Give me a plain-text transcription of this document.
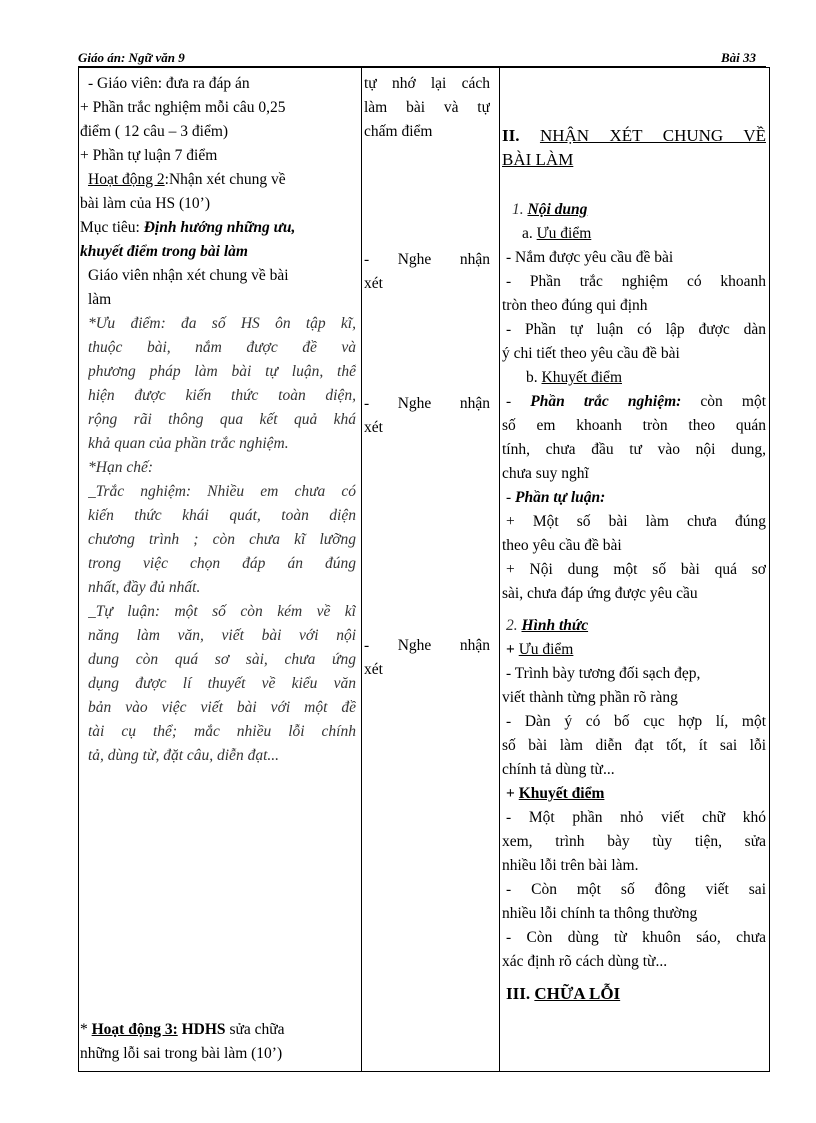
Giáo án: Ngữ văn 9	Bài 33
- Giáo viên: đưa ra đáp án
+ Phần trắc nghiệm mỗi câu 0,25
điểm ( 12 câu – 3 điểm)
+ Phần tự luận 7 điểm
Hoạt động 2:Nhận xét chung về
bài làm của HS (10’)
Mục tiêu: Định hướng những ưu,
khuyết điểm trong bài làm
Giáo viên nhận xét chung về bài
làm
*Ưu điểm: đa số HS ôn tập kĩ,
thuộc bài, nắm được đề và
phương pháp làm bài tự luận, thể
hiện được kiến thức toàn diện,
rộng rãi thông qua kết quả khá
khả quan của phần trắc nghiệm.
*Hạn chế:
_Trắc nghiệm: Nhiều em chưa có
kiến thức khái quát, toàn diện
chương trình ; còn chưa kĩ lưỡng
trong việc chọn đáp án đúng
nhất, đầy đủ nhất.
_Tự luận: một số còn kém về kĩ
năng làm văn, viết bài với nội
dung còn quá sơ sài, chưa ứng
dụng được lí thuyết về kiểu văn
bản vào việc viết bài với một đề
tài cụ thể; mắc nhiều lỗi chính
tả, dùng từ, đặt câu, diễn đạt...
* Hoạt động 3: HDHS sửa chữa
những lỗi sai trong bài làm (10’)
tự nhớ lại cách
làm bài và tự
chấm điểm
- Nghe nhận
xét
- Nghe nhận
xét
- Nghe nhận
xét
II. NHẬN XÉT CHUNG VỀ
BÀI LÀM
1. Nội dung
a. Ưu điểm
- Nắm được yêu cầu đề bài
- Phần trắc nghiệm có khoanh
tròn theo đúng qui định
- Phần tự luận có lập được dàn
ý chi tiết theo yêu cầu đề bài
b. Khuyết điểm
- Phần trắc nghiệm: còn một
số em khoanh tròn theo quán
tính, chưa đầu tư vào nội dung,
chưa suy nghĩ
- Phần tự luận:
+ Một số bài làm chưa đúng
theo yêu cầu đề bài
+ Nội dung một số bài quá sơ
sài, chưa đáp ứng được yêu cầu
2. Hình thức
+ Ưu điểm
- Trình bày tương đối sạch đẹp,
viết thành từng phần rõ ràng
- Dàn ý có bố cục hợp lí, một
số bài làm diễn đạt tốt, ít sai lỗi
chính tả dùng từ...
+ Khuyết điểm
- Một phần nhỏ viết chữ khó
xem, trình bày tùy tiện, sửa
nhiều lỗi trên bài làm.
- Còn một số đông viết sai
nhiều lỗi chính ta thông thường
- Còn dùng từ khuôn sáo, chưa
xác định rõ cách dùng từ...
III. CHỮA LỖI
